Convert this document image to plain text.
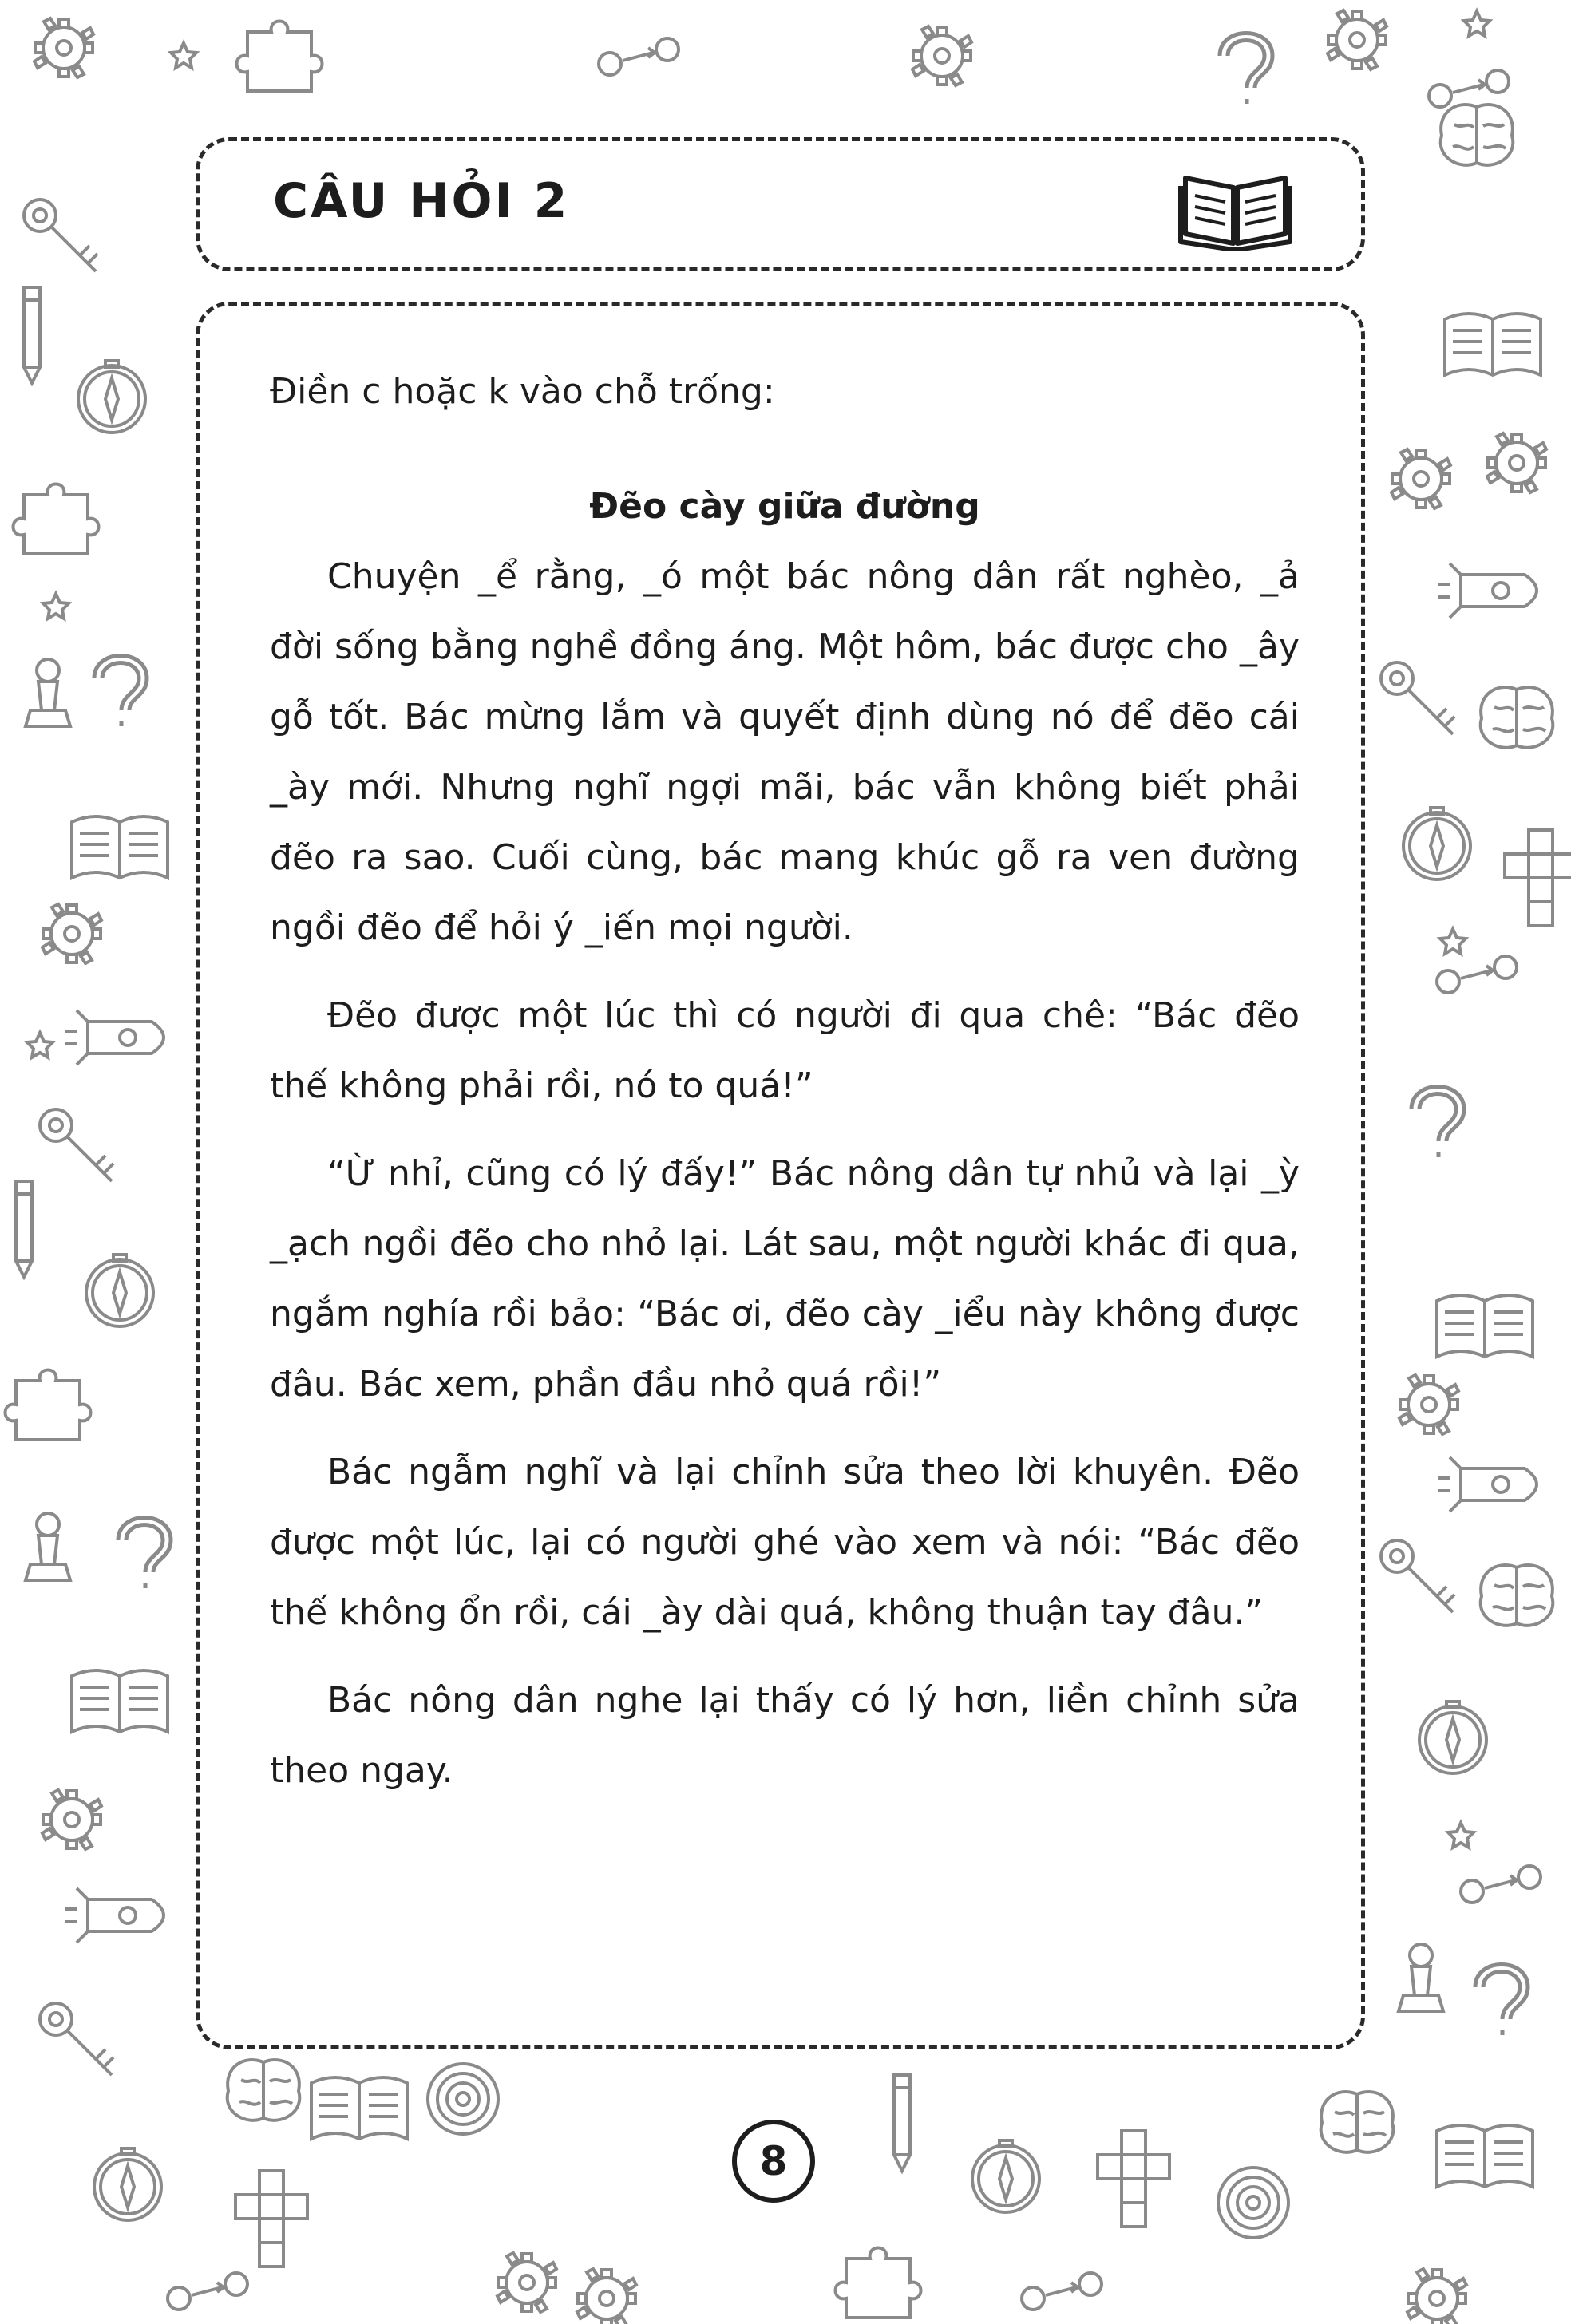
CÂU HỎI 2

Điền c hoặc k vào chỗ trống:

Đẽo cày giữa đường

Chuyện _ể rằng, _ó một bác nông dân rất nghèo, _ả đời sống bằng nghề đồng áng. Một hôm, bác được cho _ây gỗ tốt. Bác mừng lắm và quyết định dùng nó để đẽo cái _ày mới. Nhưng nghĩ ngợi mãi, bác vẫn không biết phải đẽo ra sao. Cuối cùng, bác mang khúc gỗ ra ven đường ngồi đẽo để hỏi ý _iến mọi người.

Đẽo được một lúc thì có người đi qua chê: “Bác đẽo thế không phải rồi, nó to quá!”

“Ừ nhỉ, cũng có lý đấy!” Bác nông dân tự nhủ và lại _ỳ _ạch ngồi đẽo cho nhỏ lại. Lát sau, một người khác đi qua, ngắm nghía rồi bảo: “Bác ơi, đẽo cày _iểu này không được đâu. Bác xem, phần đầu nhỏ quá rồi!”

Bác ngẫm nghĩ và lại chỉnh sửa theo lời khuyên. Đẽo được một lúc, lại có người ghé vào xem và nói: “Bác đẽo thế không ổn rồi, cái _ày dài quá, không thuận tay đâu.”

Bác nông dân nghe lại thấy có lý hơn, liền chỉnh sửa theo ngay.

8
